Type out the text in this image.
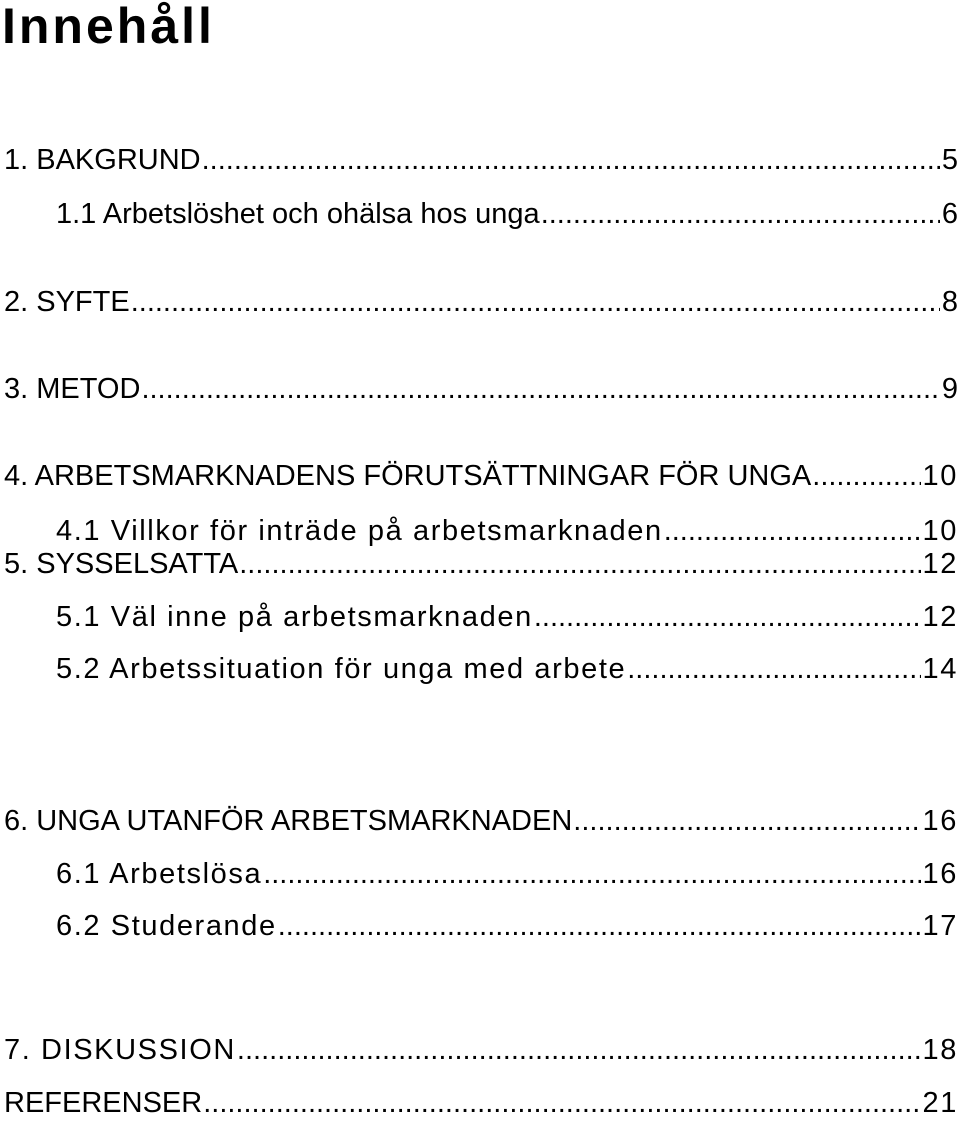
Innehåll
1. BAKGRUND .....	5
1.1 Arbetslöshet och ohälsa hos unga .....	6
2. SYFTE .....	8
3. METOD .....	9
4. ARBETSMARKNADENS FÖRUTSÄTTNINGAR FÖR UNGA .....	10
4.1 Villkor för inträde på arbetsmarknaden .....	10
5. SYSSELSATTA .....	12
5.1 Väl inne på arbetsmarknaden .....	12
5.2 Arbetssituation för unga med arbete .....	14
6. UNGA UTANFÖR ARBETSMARKNADEN .....	16
6.1 Arbetslösa .....	16
6.2 Studerande .....	17
7. DISKUSSION .....	18
REFERENSER .....	21
